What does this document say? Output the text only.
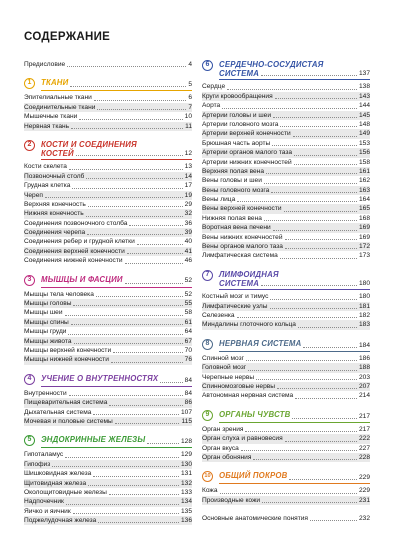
СОДЕРЖАНИЕ
Предисловие	4
1	ТКАНИ	5
Эпителиальные ткани	6
Соединительные ткани	7
Мышечные ткани	10
Нервная ткань	11
2	КОСТИ И СОЕДИНЕНИЯ
КОСТЕЙ	12
Кости скелета	13
Позвоночный столб	14
Грудная клетка	17
Череп	19
Верхняя конечность	29
Нижняя конечность	32
Соединения позвоночного столба	36
Соединения черепа	39
Соединения ребер и грудной клетки	40
Соединения верхней конечности	41
Соединения нижней конечности	46
3	МЫШЦЫ И ФАСЦИИ	52
Мышцы тела человека	52
Мышцы головы	55
Мышцы шеи	58
Мышцы спины	61
Мышцы груди	64
Мышцы живота	67
Мышцы верхней конечности	70
Мышцы нижней конечности	76
4	УЧЕНИЕ О ВНУТРЕННОСТЯХ	84
Внутренности	84
Пищеварительная система	86
Дыхательная система	107
Мочевая и половые системы	115
5	ЭНДОКРИННЫЕ ЖЕЛЕЗЫ	128
Гипоталамус	129
Гипофиз	130
Шишковидная железа	131
Щитовидная железа	132
Околощитовидные железы	133
Надпочечник	134
Яичко и яичник	135
Поджелудочная железа	136
6	СЕРДЕЧНО-СОСУДИСТАЯ
СИСТЕМА	137
Сердце	138
Круги кровообращения	143
Аорта	144
Артерии головы и шеи	145
Артерии головного мозга	148
Артерии верхней конечности	149
Брюшная часть аорты	153
Артерии органов малого таза	156
Артерии нижних конечностей	158
Верхняя полая вена	161
Вены головы и шеи	162
Вены головного мозга	163
Вены лица	164
Вены верхней конечности	165
Нижняя полая вена	168
Воротная вена печени	169
Вены нижних конечностей	169
Вены органов малого таза	172
Лимфатическая система	173
7	ЛИМФОИДНАЯ
СИСТЕМА	180
Костный мозг и тимус	180
Лимфатические узлы	181
Селезенка	182
Миндалины глоточного кольца	183
8	НЕРВНАЯ СИСТЕМА	184
Спинной мозг	186
Головной мозг	188
Черепные нервы	203
Спинномозговые нервы	207
Автономная нервная система	214
9	ОРГАНЫ ЧУВСТВ	217
Орган зрения	217
Орган слуха и равновесия	222
Орган вкуса	227
Орган обоняния	228
10	ОБЩИЙ ПОКРОВ	229
Кожа	229
Производные кожи	231
Основные анатомические понятия	232
